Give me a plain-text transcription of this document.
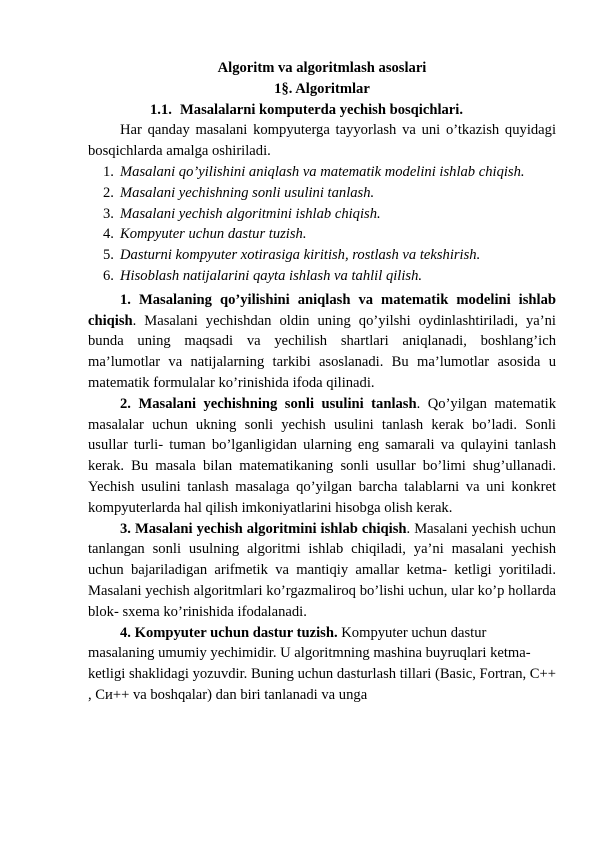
Algoritm va algoritmlash asoslari
1§. Algoritmlar
1.1. Masalalarni komputerda yechish bosqichlari.

Har qanday masalani kompyuterga tayyorlash va uni o’tkazish quyidagi bosqichlarda amalga oshiriladi.

1. Masalani qo’yilishini aniqlash va matematik modelini ishlab chiqish.
2. Masalani yechishning sonli usulini tanlash.
3. Masalani yechish algoritmini ishlab chiqish.
4. Kompyuter uchun dastur tuzish.
5. Dasturni kompyuter xotirasiga kiritish, rostlash va tekshirish.
6. Hisoblash natijalarini qayta ishlash va tahlil qilish.

1. Masalaning qo’yilishini aniqlash va matematik modelini ishlab chiqish. Masalani yechishdan oldin uning qo’yilshi oydinlashtiriladi, ya’ni bunda uning maqsadi va yechilish shartlari aniqlanadi, boshlang’ich ma’lumotlar va natijalarning tarkibi asoslanadi. Bu ma’lumotlar asosida u matematik formulalar ko’rinishida ifoda qilinadi.

2. Masalani yechishning sonli usulini tanlash. Qo’yilgan matematik masalalar uchun ukning sonli yechish usulini tanlash kerak bo’ladi. Sonli usullar turli- tuman bo’lganligidan ularning eng samarali va qulayini tanlash kerak. Bu masala bilan matematikaning sonli usullar bo’limi shug’ullanadi. Yechish usulini tanlash masalaga qo’yilgan barcha talablarni va uni konkret kompyuterlarda hal qilish imkoniyatlarini hisobga olish kerak.

3. Masalani yechish algoritmini ishlab chiqish. Masalani yechish uchun tanlangan sonli usulning algoritmi ishlab chiqiladi, ya’ni masalani yechish uchun bajariladigan arifmetik va mantiqiy amallar ketma- ketligi yoritiladi. Masalani yechish algoritmlari ko’rgazmaliroq bo’lishi uchun, ular ko’p hollarda blok- sxema ko’rinishida ifodalanadi.

4. Kompyuter uchun dastur tuzish. Kompyuter uchun dastur masalaning umumiy yechimidir. U algoritmning mashina buyruqlari ketma- ketligi shaklidagi yozuvdir. Buning uchun dasturlash tillari (Basic, Fortran, C++ , Cи++ va boshqalar) dan biri tanlanadi va unga
